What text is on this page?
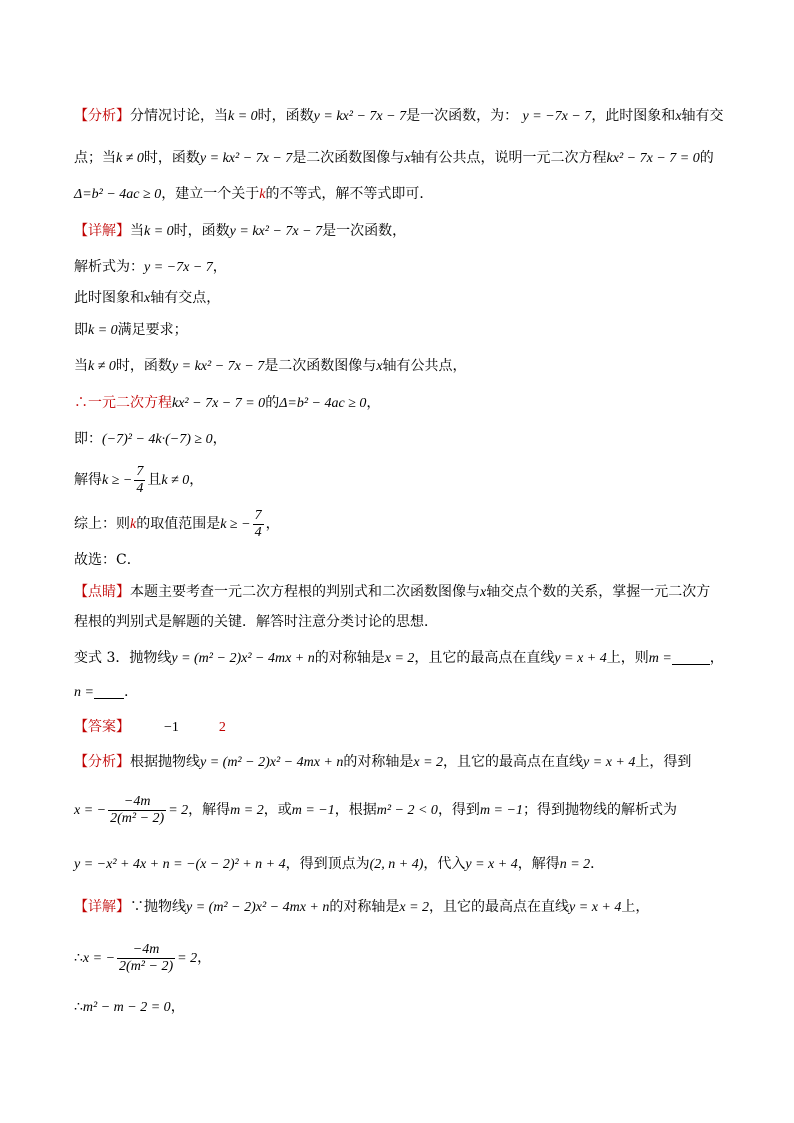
【分析】分情况讨论，当k = 0时，函数y = kx² − 7x − 7是一次函数，为： y = −7x − 7，此时图象和x轴有交
点；当k ≠ 0时，函数y = kx² − 7x − 7是二次函数图像与x轴有公共点，说明一元二次方程kx² − 7x − 7 = 0的
Δ=b² − 4ac ≥ 0，建立一个关于k的不等式，解不等式即可．
【详解】当k = 0时，函数y = kx² − 7x − 7是一次函数，
解析式为：y = −7x − 7，
此时图象和x轴有交点，
即k = 0满足要求；
当k ≠ 0时，函数y = kx² − 7x − 7是二次函数图像与x轴有公共点，
∴一元二次方程kx² − 7x − 7 = 0的Δ=b² − 4ac ≥ 0，
即：(−7)² − 4k·(−7) ≥ 0，
解得k ≥ − $\frac{7}{4}$ 且k ≠ 0，
综上：则k的取值范围是k ≥ − $\frac{7}{4}$ ，
故选：C．
【点睛】本题主要考查一元二次方程根的判别式和二次函数图像与x轴交点个数的关系，掌握一元二次方
程根的判别式是解题的关键．解答时注意分类讨论的思想．
变式 3．抛物线y = (m² − 2)x² − 4mx + n的对称轴是x = 2，且它的最高点在直线y = x + 4上，则m =	，
n = .
【答案】 −1	2
【分析】根据抛物线y = (m² − 2)x² − 4mx + n的对称轴是x = 2，且它的最高点在直线y = x + 4上，得到
x = − $\frac{-4m}{\text{2(m² − 2)}} = 2$，解得m = 2，或m = −1，根据m² − 2 < 0，得到m = −1；得到抛物线的解析式为
y = −x² + 4x + n = −(x − 2)² + n + 4，得到顶点为(2, n + 4)，代入y = x + 4，解得n = 2．
【详解】∵抛物线y = (m² − 2)x² − 4mx + n的对称轴是x = 2，且它的最高点在直线y = x + 4上，
∴x = − $\frac{-4m}{\text{2(m² − 2)}} = 2$，
∴m² − m − 2 = 0，
